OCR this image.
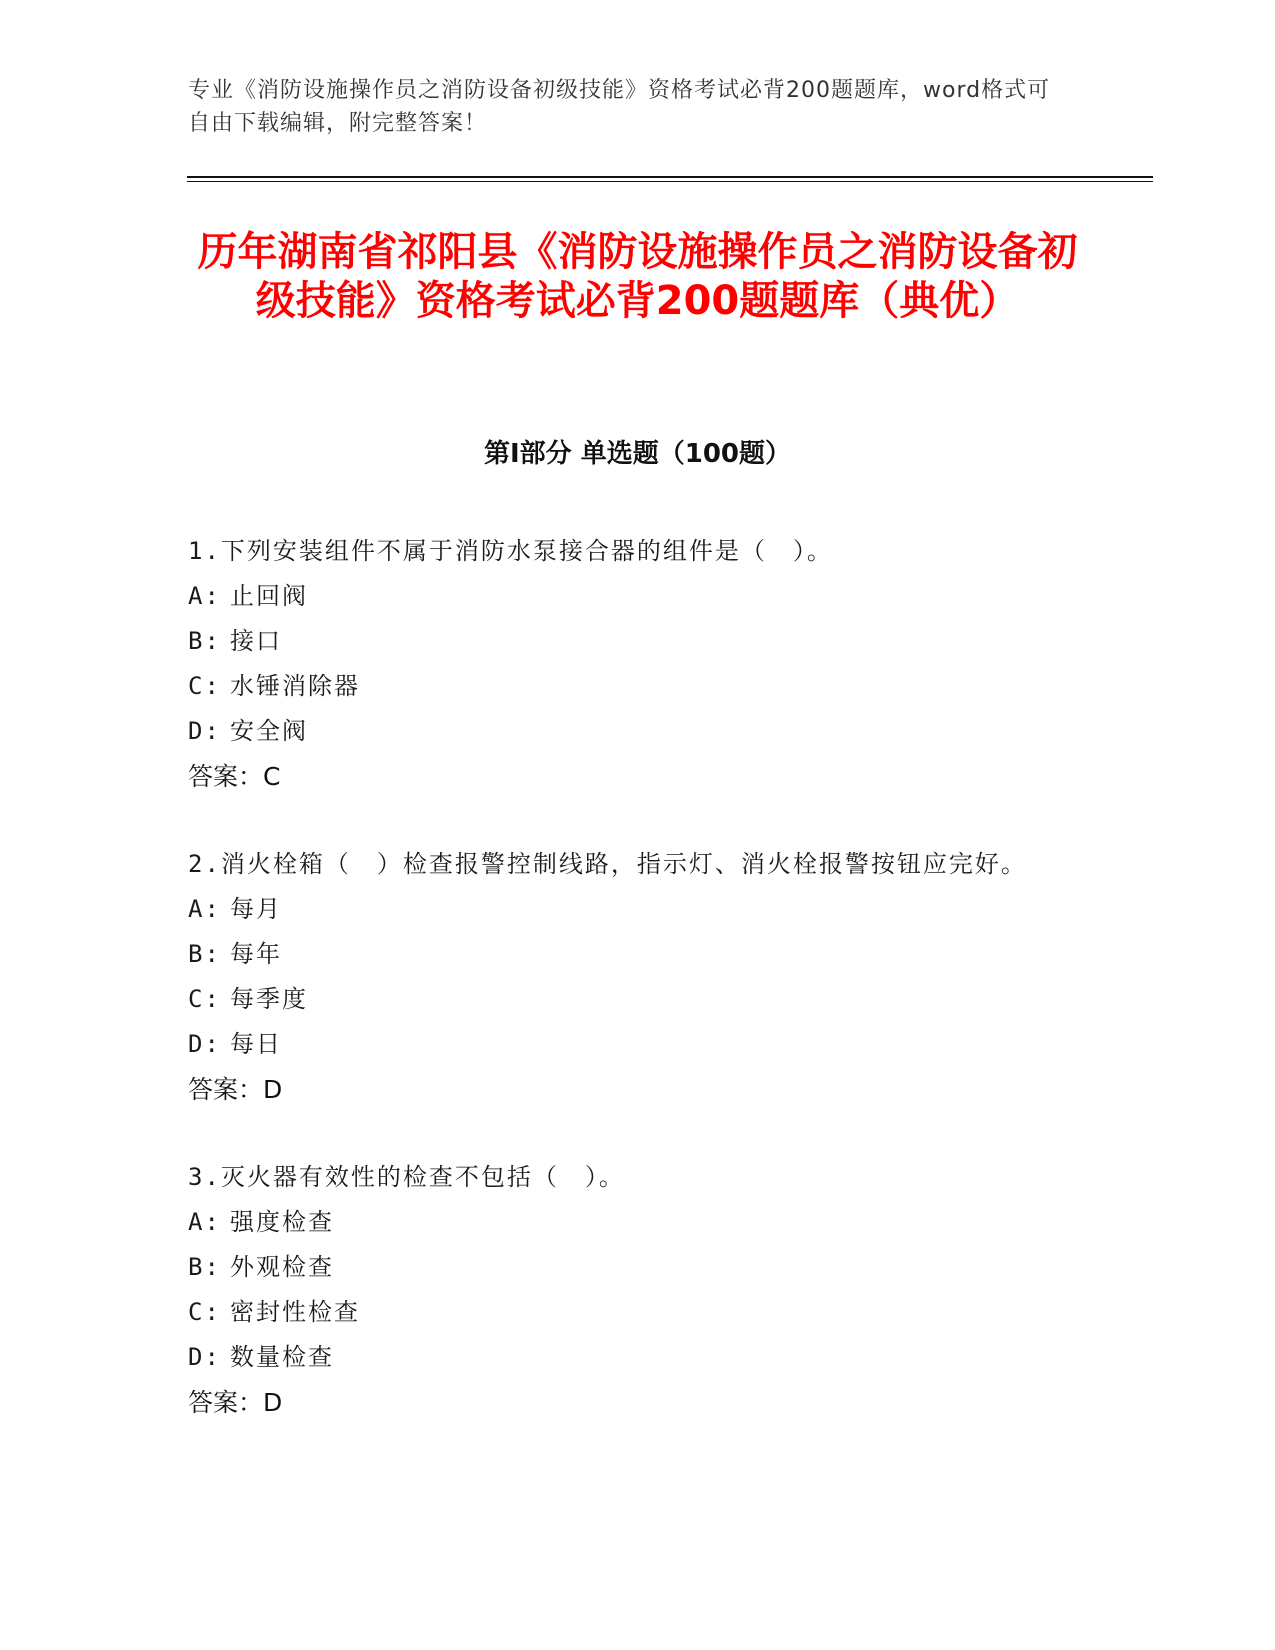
专业《消防设施操作员之消防设备初级技能》资格考试必背200题题库，word格式可自由下载编辑，附完整答案！
历年湖南省祁阳县《消防设施操作员之消防设备初级技能》资格考试必背200题题库（典优）
第Ⅰ部分 单选题（100题）
1.下列安装组件不属于消防水泵接合器的组件是（　）。
A: 止回阀
B: 接口
C: 水锤消除器
D: 安全阀
答案：C
2.消火栓箱（　）检查报警控制线路，指示灯、消火栓报警按钮应完好。
A: 每月
B: 每年
C: 每季度
D: 每日
答案：D
3.灭火器有效性的检查不包括（　）。
A: 强度检查
B: 外观检查
C: 密封性检查
D: 数量检查
答案：D
